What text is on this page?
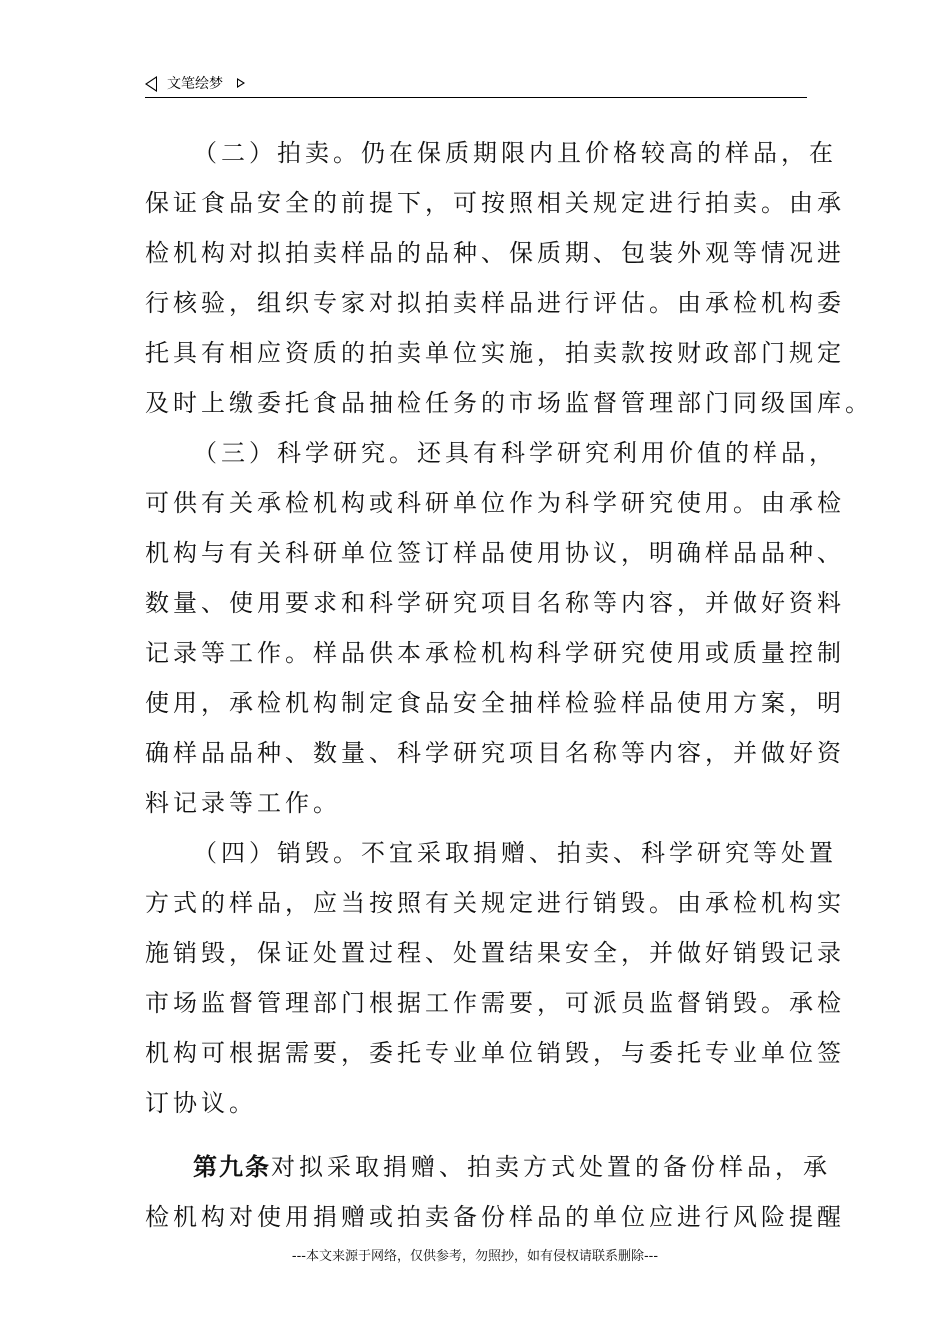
文笔绘梦
（二）拍卖。仍在保质期限内且价格较高的样品，在
保证食品安全的前提下，可按照相关规定进行拍卖。由承
检机构对拟拍卖样品的品种、保质期、包装外观等情况进
行核验，组织专家对拟拍卖样品进行评估。由承检机构委
托具有相应资质的拍卖单位实施，拍卖款按财政部门规定
及时上缴委托食品抽检任务的市场监督管理部门同级国库。
（三）科学研究。还具有科学研究利用价值的样品，
可供有关承检机构或科研单位作为科学研究使用。由承检
机构与有关科研单位签订样品使用协议，明确样品品种、
数量、使用要求和科学研究项目名称等内容，并做好资料
记录等工作。样品供本承检机构科学研究使用或质量控制
使用，承检机构制定食品安全抽样检验样品使用方案，明
确样品品种、数量、科学研究项目名称等内容，并做好资
料记录等工作。
（四）销毁。不宜采取捐赠、拍卖、科学研究等处置
方式的样品，应当按照有关规定进行销毁。由承检机构实
施销毁，保证处置过程、处置结果安全，并做好销毁记录
市场监督管理部门根据工作需要，可派员监督销毁。承检
机构可根据需要，委托专业单位销毁，与委托专业单位签
订协议。
第九条对拟采取捐赠、拍卖方式处置的备份样品，承
检机构对使用捐赠或拍卖备份样品的单位应进行风险提醒
---本文来源于网络，仅供参考，勿照抄，如有侵权请联系删除---
